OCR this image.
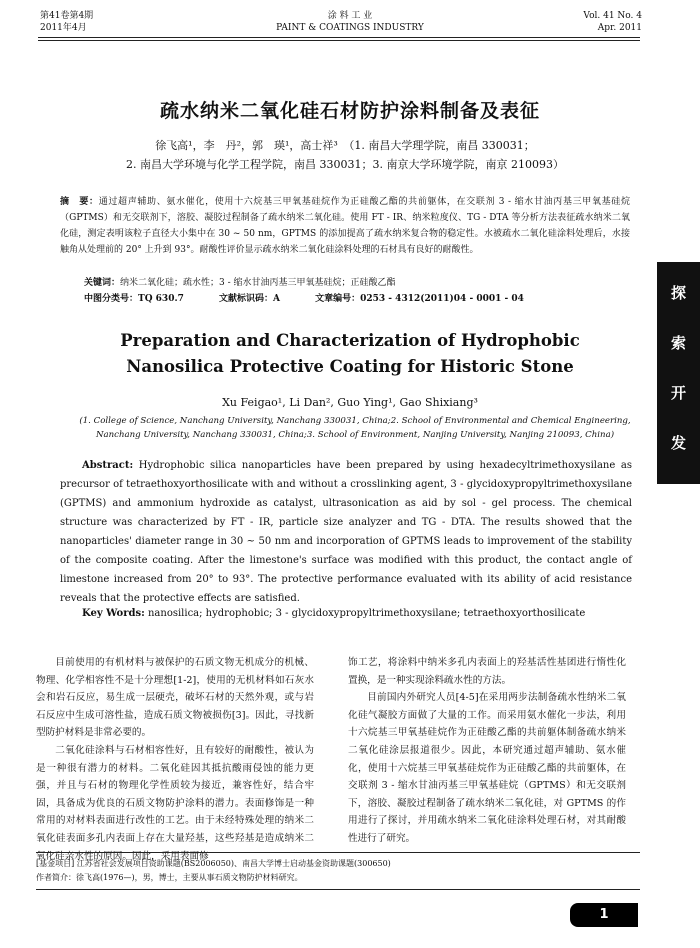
第41卷第4期
2011年4月
涂 料 工 业
PAINT & COATINGS INDUSTRY
Vol. 41 No. 4
Apr. 2011
疏水纳米二氧化硅石材防护涂料制备及表征
徐飞高¹，李　丹²，郭　瑛¹，高士祥³　（1. 南昌大学理学院，南昌 330031；
2. 南昌大学环境与化学工程学院，南昌 330031；3. 南京大学环境学院，南京 210093）
摘　要：通过超声辅助、氨水催化，使用十六烷基三甲氧基硅烷作为正硅酸乙酯的共前躯体，在交联剂 3 - 缩水甘油丙基三甲氧基硅烷（GPTMS）和无交联剂下，溶胶、凝胶过程制备了疏水纳米二氧化硅。使用 FT - IR、纳米粒度仪、TG - DTA 等分析方法表征疏水纳米二氧化硅，测定表明该粒子直径大小集中在 30 ~ 50 nm，GPTMS 的添加提高了疏水纳米复合物的稳定性。水被疏水二氧化硅涂料处理后，水接触角从处理前的 20° 上升到 93°。耐酸性评价显示疏水纳米二氧化硅涂料处理的石材具有良好的耐酸性。
关键词：纳米二氧化硅；疏水性；3 - 缩水甘油丙基三甲氧基硅烷；正硅酸乙酯
中图分类号：TQ 630.7	文献标识码：A	文章编号：0253 - 4312(2011)04 - 0001 - 04
Preparation and Characterization of Hydrophobic
Nanosilica Protective Coating for Historic Stone
Xu Feigao¹, Li Dan², Guo Ying¹, Gao Shixiang³
(1. College of Science, Nanchang University, Nanchang 330031, China;2. School of Environmental and Chemical Engineering,
Nanchang University, Nanchang 330031, China;3. School of Environment, Nanjing University, Nanjing 210093, China)
Abstract: Hydrophobic silica nanoparticles have been prepared by using hexadecyltrimethoxysilane as precursor of tetraethoxyorthosilicate with and without a crosslinking agent, 3 - glycidoxypropyltrimethoxysilane (GPTMS) and ammonium hydroxide as catalyst, ultrasonication as aid by sol - gel process. The chemical structure was characterized by FT - IR, particle size analyzer and TG - DTA. The results showed that the nanoparticles' diameter range in 30 ~ 50 nm and incorporation of GPTMS leads to improvement of the stability of the composite coating. After the limestone's surface was modified with this product, the contact angle of limestone increased from 20° to 93°. The protective performance evaluated with its ability of acid resistance reveals that the protective effects are satisfied.
Key Words: nanosilica; hydrophobic; 3 - glycidoxypropyltrimethoxysilane; tetraethoxyorthosilicate

目前使用的有机材料与被保护的石质文物无机成分的机械、物理、化学相容性不是十分理想[1-2]，使用的无机材料如石灰水会和岩石反应，易生成一层硬壳，破坏石材的天然外观，或与岩石反应中生成可溶性盐，造成石质文物被损伤[3]。因此，寻找新型防护材料是非常必要的。

二氧化硅涂料与石材相容性好，且有较好的耐酸性，被认为是一种很有潜力的材料。二氧化硅因其抵抗酸雨侵蚀的能力更强，并且与石材的物理化学性质较为接近，兼容性好，结合牢固，具备成为优良的石质文物防护涂料的潜力。表面修饰是一种常用的对材料表面进行改性的工艺。由于未经特殊处理的纳米二氧化硅表面多孔内表面上存在大量羟基，这些羟基是造成纳米二氧化硅亲水性的原因。因此，采用表面修

饰工艺，将涂料中纳米多孔内表面上的羟基活性基团进行惰性化置换，是一种实现涂料疏水性的方法。

目前国内外研究人员[4-5]在采用两步法制备疏水性纳米二氧化硅气凝胶方面做了大量的工作。而采用氨水催化一步法，利用十六烷基三甲氧基硅烷作为正硅酸乙酯的共前躯体制备疏水纳米二氧化硅涂层报道很少。因此，本研究通过超声辅助、氨水催化，使用十六烷基三甲氧基硅烷作为正硅酸乙酯的共前躯体，在交联剂 3 - 缩水甘油丙基三甲氧基硅烷（GPTMS）和无交联剂下，溶胶、凝胶过程制备了疏水纳米二氧化硅，对 GPTMS 的作用进行了探讨，并用疏水纳米二氧化硅涂料处理石材，对其耐酸性进行了研究。

[基金项目] 江苏省社会发展项目资助课题(BS2006050)、南昌大学博士启动基金资助课题(300650)
作者简介：徐飞高(1976—)，男，博士，主要从事石质文物防护材料研究。
探
索
开
发
1
